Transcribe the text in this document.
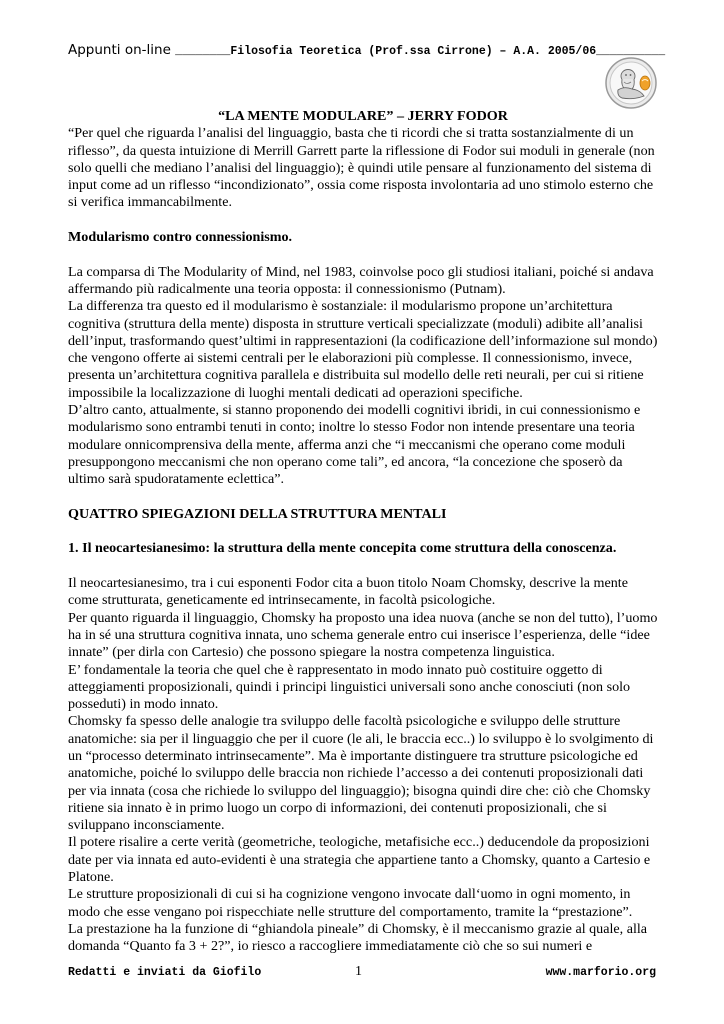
Appunti on-line ________Filosofia Teoretica (Prof.ssa Cirrone) – A.A. 2005/06__________

“LA MENTE MODULARE” – JERRY FODOR

“Per quel che riguarda l’analisi del linguaggio, basta che ti ricordi che si tratta sostanzialmente di un riflesso”, da questa intuizione di Merrill Garrett parte la riflessione di Fodor sui moduli in generale (non solo quelli che mediano l’analisi del linguaggio); è quindi utile pensare al funzionamento del sistema di input come ad un riflesso “incondizionato”, ossia come risposta involontaria ad uno stimolo esterno che si verifica immancabilmente.

Modularismo contro connessionismo.

La comparsa di The Modularity of Mind, nel 1983, coinvolse poco gli studiosi italiani, poiché si andava affermando più radicalmente una teoria opposta: il connessionismo (Putnam).

La differenza tra questo ed il modularismo è sostanziale: il modularismo propone un’architettura cognitiva (struttura della mente) disposta in strutture verticali specializzate (moduli) adibite all’analisi dell’input, trasformando quest’ultimi in rappresentazioni (la codificazione dell’informazione sul mondo) che vengono offerte ai sistemi centrali per le elaborazioni più complesse. Il connessionismo, invece, presenta un’architettura cognitiva parallela e distribuita sul modello delle reti neurali, per cui si ritiene impossibile la localizzazione di luoghi mentali dedicati ad operazioni specifiche.

D’altro canto, attualmente, si stanno proponendo dei modelli cognitivi ibridi, in cui connessionismo e modularismo sono entrambi tenuti in conto; inoltre lo stesso Fodor non intende presentare una teoria modulare onnicomprensiva della mente, afferma anzi che “i meccanismi che operano come moduli presuppongono meccanismi che non operano come tali”, ed ancora, “la concezione che sposerò da ultimo sarà spudoratamente eclettica”.

QUATTRO SPIEGAZIONI DELLA STRUTTURA MENTALI

1. Il neocartesianesimo: la struttura della mente concepita come struttura della conoscenza.

Il neocartesianesimo, tra i cui esponenti Fodor cita a buon titolo Noam Chomsky, descrive la mente come strutturata, geneticamente ed intrinsecamente, in facoltà psicologiche.

Per quanto riguarda il linguaggio, Chomsky ha proposto una idea nuova (anche se non del tutto), l’uomo ha in sé una struttura cognitiva innata, uno schema generale entro cui inserisce l’esperienza, delle “idee innate” (per dirla con Cartesio) che possono spiegare la nostra competenza linguistica.

E’ fondamentale la teoria che quel che è rappresentato in modo innato può costituire oggetto di atteggiamenti proposizionali, quindi i principi linguistici universali sono anche conosciuti (non solo posseduti) in modo innato.

Chomsky fa spesso delle analogie tra sviluppo delle facoltà psicologiche e sviluppo delle strutture anatomiche: sia per il linguaggio che per il cuore (le ali, le braccia ecc..) lo sviluppo è lo svolgimento di un “processo determinato intrinsecamente”. Ma è importante distinguere tra strutture psicologiche ed anatomiche, poiché lo sviluppo delle braccia non richiede l’accesso a dei contenuti proposizionali dati per via innata (cosa che richiede lo sviluppo del linguaggio); bisogna quindi dire che: ciò che Chomsky ritiene sia innato è in primo luogo un corpo di informazioni, dei contenuti proposizionali, che si sviluppano inconsciamente.

Il potere risalire a certe verità (geometriche, teologiche, metafisiche ecc..) deducendole da proposizioni date per via innata ed auto-evidenti è una strategia che appartiene tanto a Chomsky, quanto a Cartesio e Platone.

Le strutture proposizionali di cui si ha cognizione vengono invocate dall‘uomo in ogni momento, in modo che esse vengano poi rispecchiate nelle strutture del comportamento, tramite la “prestazione”.

La prestazione ha la funzione di “ghiandola pineale” di Chomsky, è il meccanismo grazie al quale, alla domanda “Quanto fa 3 + 2?”, io riesco a raccogliere immediatamente ciò che so sui numeri e

Redatti e inviati da Giofilo	1	www.marforio.org
